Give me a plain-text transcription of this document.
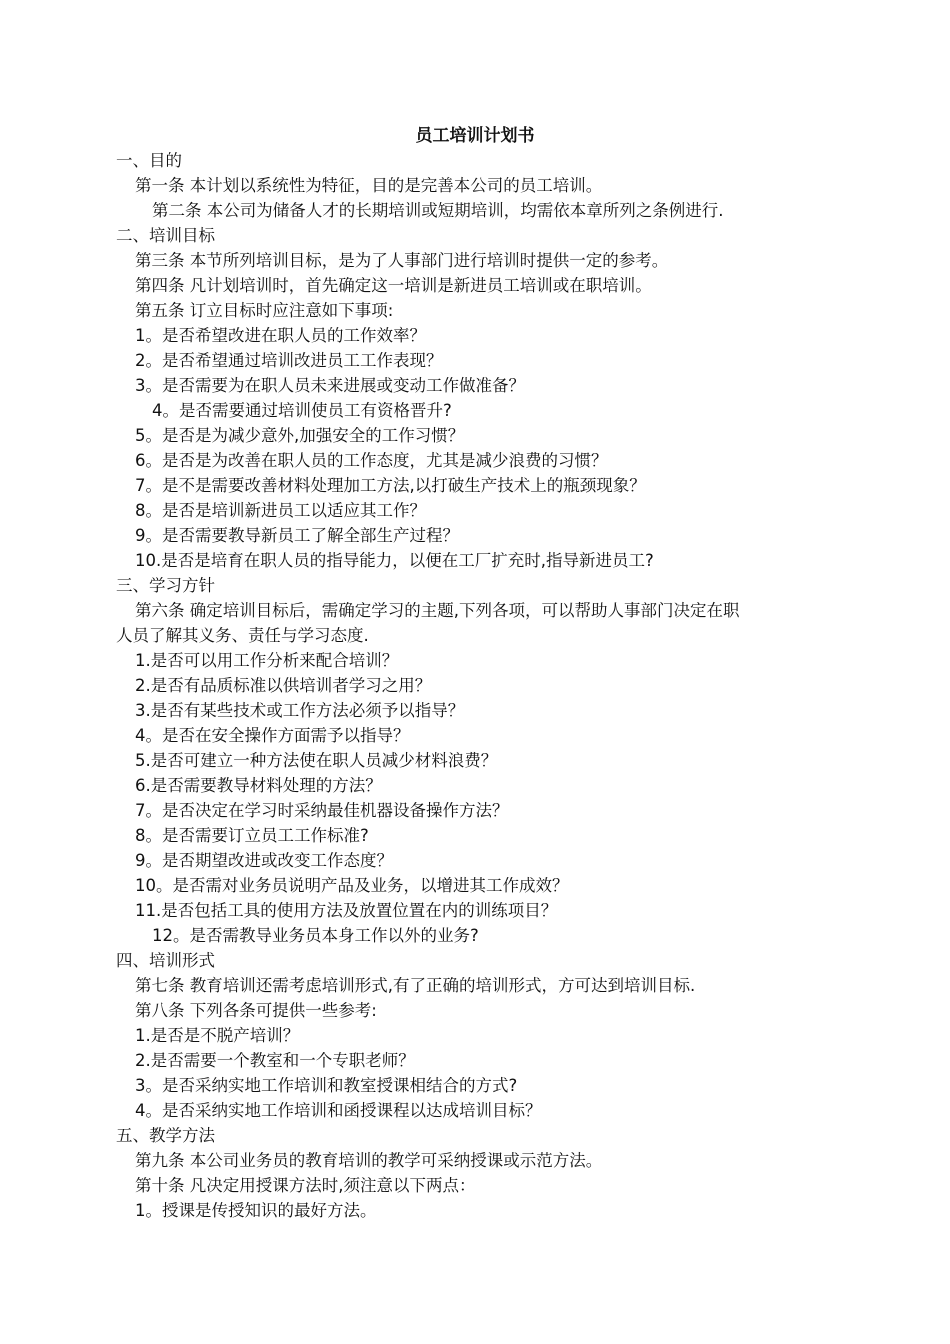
员工培训计划书
一、目的
第一条 本计划以系统性为特征，目的是完善本公司的员工培训。
第二条 本公司为储备人才的长期培训或短期培训，均需依本章所列之条例进行.
二、培训目标
第三条 本节所列培训目标，是为了人事部门进行培训时提供一定的参考。
第四条 凡计划培训时，首先确定这一培训是新进员工培训或在职培训。
第五条 订立目标时应注意如下事项:
1。是否希望改进在职人员的工作效率？
2。是否希望通过培训改进员工工作表现？
3。是否需要为在职人员未来进展或变动工作做准备？
4。是否需要通过培训使员工有资格晋升?
5。是否是为减少意外,加强安全的工作习惯？
6。是否是为改善在职人员的工作态度，尤其是减少浪费的习惯？
7。是不是需要改善材料处理加工方法,以打破生产技术上的瓶颈现象？
8。是否是培训新进员工以适应其工作？
9。是否需要教导新员工了解全部生产过程？
10.是否是培育在职人员的指导能力，以便在工厂扩充时,指导新进员工?
三、学习方针
第六条 确定培训目标后，需确定学习的主题,下列各项，可以帮助人事部门决定在职
人员了解其义务、责任与学习态度.
1.是否可以用工作分析来配合培训？
2.是否有品质标准以供培训者学习之用？
3.是否有某些技术或工作方法必须予以指导？
4。是否在安全操作方面需予以指导？
5.是否可建立一种方法使在职人员减少材料浪费？
6.是否需要教导材料处理的方法？
7。是否决定在学习时采纳最佳机器设备操作方法？
8。是否需要订立员工工作标准?
9。是否期望改进或改变工作态度？
10。是否需对业务员说明产品及业务，以增进其工作成效？
11.是否包括工具的使用方法及放置位置在内的训练项目？
12。是否需教导业务员本身工作以外的业务?
四、培训形式
第七条 教育培训还需考虑培训形式,有了正确的培训形式，方可达到培训目标.
第八条 下列各条可提供一些参考:
1.是否是不脱产培训？
2.是否需要一个教室和一个专职老师？
3。是否采纳实地工作培训和教室授课相结合的方式?
4。是否采纳实地工作培训和函授课程以达成培训目标？
五、教学方法
第九条 本公司业务员的教育培训的教学可采纳授课或示范方法。
第十条 凡决定用授课方法时,须注意以下两点：
1。授课是传授知识的最好方法。
